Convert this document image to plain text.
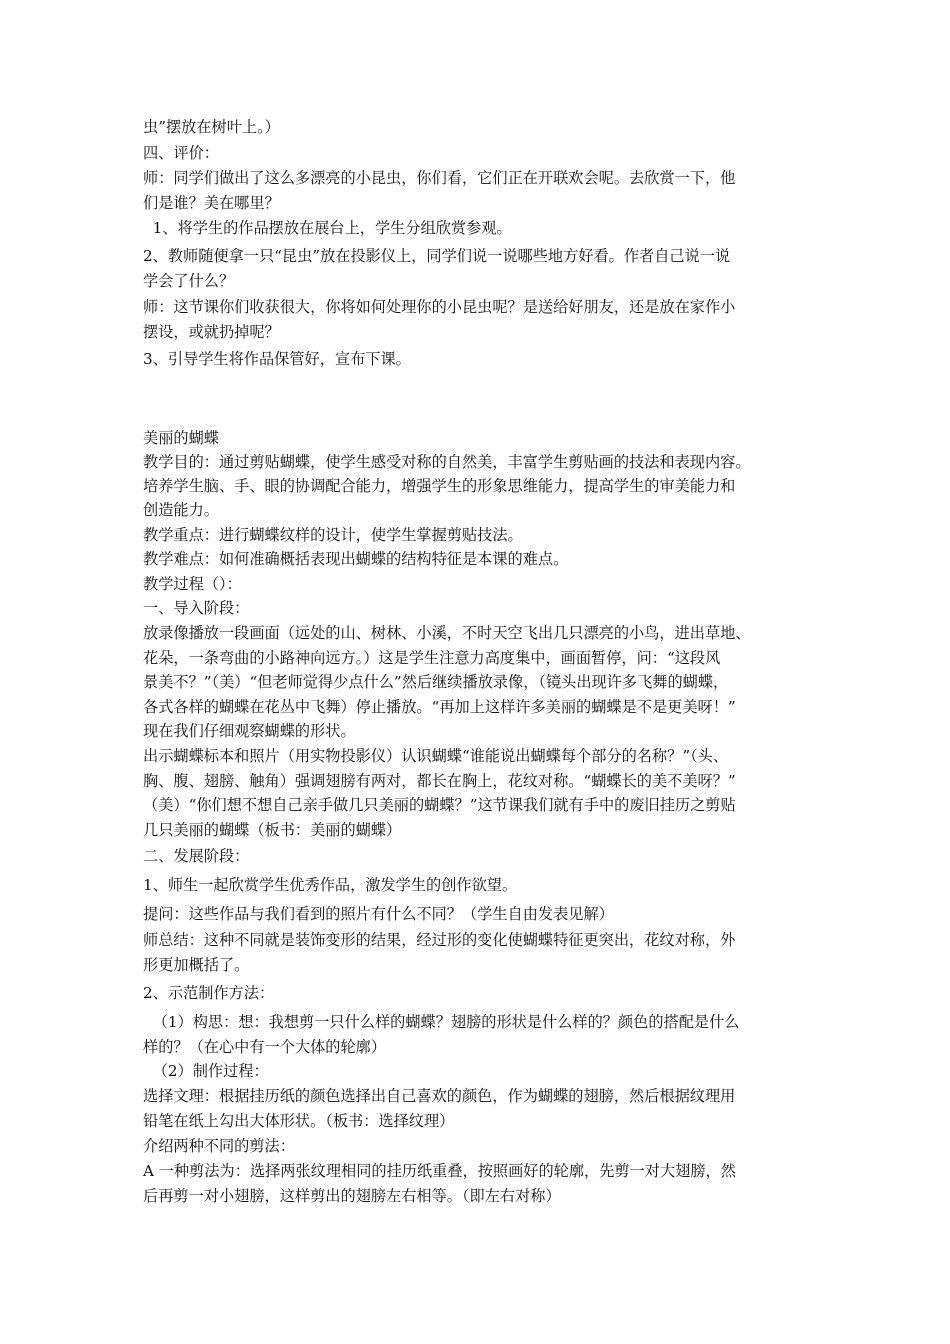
虫”摆放在树叶上。）
四、评价：
师：同学们做出了这么多漂亮的小昆虫，你们看，它们正在开联欢会呢。去欣赏一下，他
们是谁？美在哪里？
1、将学生的作品摆放在展台上，学生分组欣赏参观。
2、教师随便拿一只“昆虫”放在投影仪上，同学们说一说哪些地方好看。作者自己说一说
学会了什么？
师：这节课你们收获很大，你将如何处理你的小昆虫呢？是送给好朋友，还是放在家作小
摆设，或就扔掉呢？
3、引导学生将作品保管好，宣布下课。
美丽的蝴蝶
教学目的：通过剪贴蝴蝶，使学生感受对称的自然美，丰富学生剪贴画的技法和表现内容。
培养学生脑、手、眼的协调配合能力，增强学生的形象思维能力，提高学生的审美能力和
创造能力。
教学重点：进行蝴蝶纹样的设计，使学生掌握剪贴技法。
教学难点：如何准确概括表现出蝴蝶的结构特征是本课的难点。
教学过程（）：
一、导入阶段：
放录像播放一段画面（远处的山、树林、小溪，不时天空飞出几只漂亮的小鸟，进出草地、
花朵，一条弯曲的小路神向远方。）这是学生注意力高度集中，画面暂停，问：“这段风
景美不？”（美）“但老师觉得少点什么”然后继续播放录像，（镜头出现许多飞舞的蝴蝶，
各式各样的蝴蝶在花丛中飞舞）停止播放。“再加上这样许多美丽的蝴蝶是不是更美呀！”
现在我们仔细观察蝴蝶的形状。
出示蝴蝶标本和照片（用实物投影仪）认识蝴蝶“谁能说出蝴蝶每个部分的名称？”（头、
胸、腹、翅膀、触角）强调翅膀有两对，都长在胸上，花纹对称。“蝴蝶长的美不美呀？”
（美）“你们想不想自己亲手做几只美丽的蝴蝶？”这节课我们就有手中的废旧挂历之剪贴
几只美丽的蝴蝶（板书：美丽的蝴蝶）
二、发展阶段：
1、师生一起欣赏学生优秀作品，激发学生的创作欲望。
提问：这些作品与我们看到的照片有什么不同？（学生自由发表见解）
师总结：这种不同就是装饰变形的结果，经过形的变化使蝴蝶特征更突出，花纹对称，外
形更加概括了。
2、示范制作方法：
（1）构思：想：我想剪一只什么样的蝴蝶？翅膀的形状是什么样的？颜色的搭配是什么
样的？（在心中有一个大体的轮廓）
（2）制作过程：
选择文理：根据挂历纸的颜色选择出自己喜欢的颜色，作为蝴蝶的翅膀，然后根据纹理用
铅笔在纸上勾出大体形状。（板书：选择纹理）
介绍两种不同的剪法：
A 一种剪法为：选择两张纹理相同的挂历纸重叠，按照画好的轮廓，先剪一对大翅膀，然
后再剪一对小翅膀，这样剪出的翅膀左右相等。（即左右对称）
